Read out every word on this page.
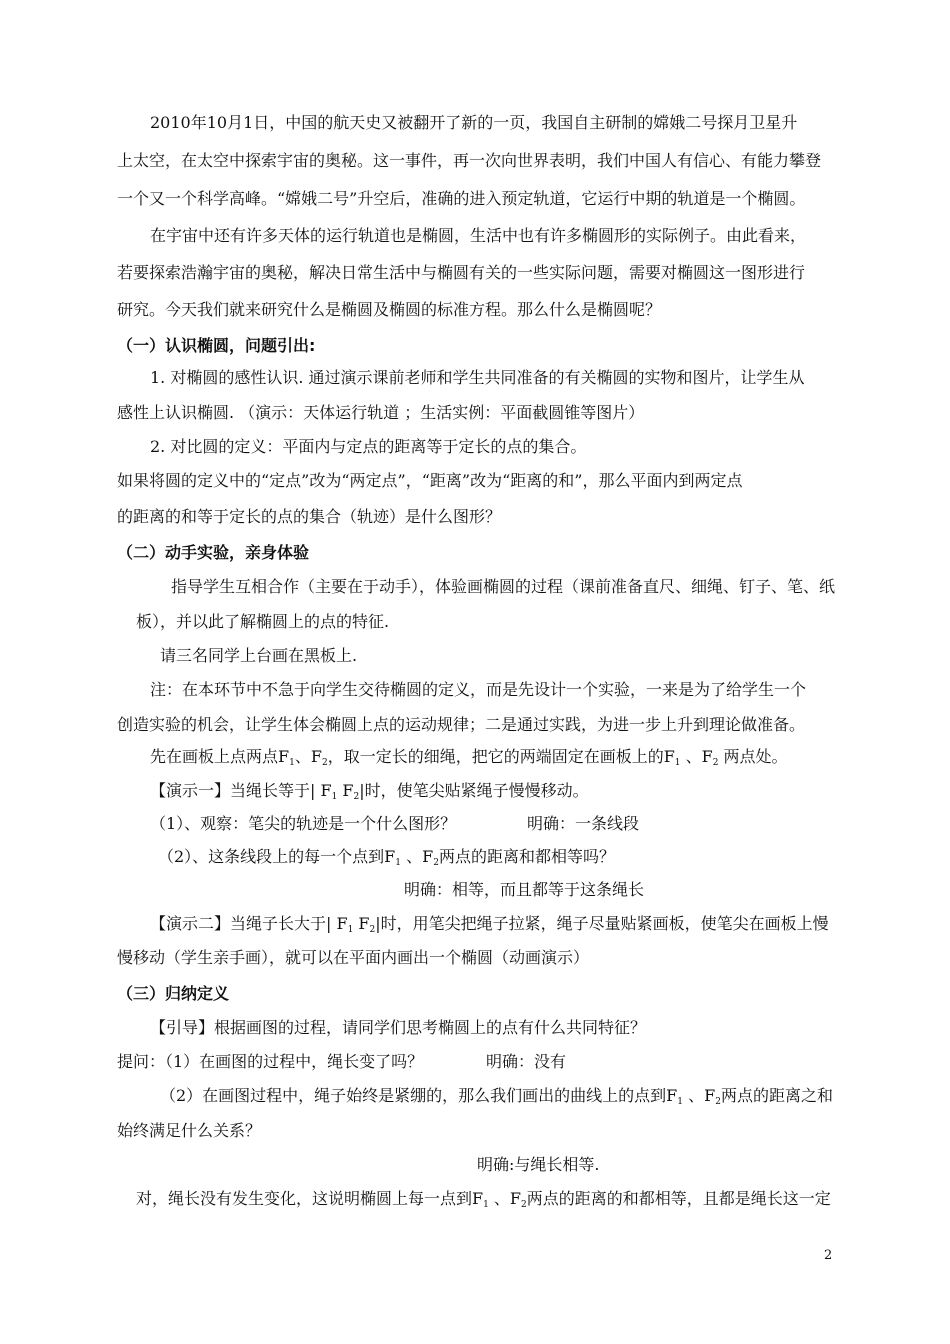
2010年10月1日，中国的航天史又被翻开了新的一页，我国自主研制的嫦娥二号探月卫星升
上太空，在太空中探索宇宙的奥秘。这一事件，再一次向世界表明，我们中国人有信心、有能力攀登
一个又一个科学高峰。“嫦娥二号”升空后，准确的进入预定轨道，它运行中期的轨道是一个椭圆。
在宇宙中还有许多天体的运行轨道也是椭圆，生活中也有许多椭圆形的实际例子。由此看来，
若要探索浩瀚宇宙的奥秘，解决日常生活中与椭圆有关的一些实际问题，需要对椭圆这一图形进行
研究。今天我们就来研究什么是椭圆及椭圆的标准方程。那么什么是椭圆呢？
（一）认识椭圆，问题引出:
1. 对椭圆的感性认识. 通过演示课前老师和学生共同准备的有关椭圆的实物和图片，让学生从
感性上认识椭圆. （演示：天体运行轨道 ；生活实例：平面截圆锥等图片）
2. 对比圆的定义：平面内与定点的距离等于定长的点的集合。
如果将圆的定义中的“定点”改为“两定点”，“距离”改为“距离的和”，那么平面内到两定点
的距离的和等于定长的点的集合（轨迹）是什么图形？
（二）动手实验，亲身体验
指导学生互相合作（主要在于动手），体验画椭圆的过程（课前准备直尺、细绳、钉子、笔、纸
板），并以此了解椭圆上的点的特征.
请三名同学上台画在黑板上.
注：在本环节中不急于向学生交待椭圆的定义，而是先设计一个实验，一来是为了给学生一个
创造实验的机会，让学生体会椭圆上点的运动规律；二是通过实践，为进一步上升到理论做准备。
先在画板上点两点$F_1$、$F_2$，取一定长的细绳，把它的两端固定在画板上的$F_1$ 、$F_2$ 两点处。
【演示一】当绳长等于| $F_1$ $F_2|$时，使笔尖贴紧绳子慢慢移动。
（1）、观察：笔尖的轨迹是一个什么图形？	明确：一条线段
（2）、这条线段上的每一个点到$F_1$ 、$F_2$两点的距离和都相等吗？
明确：相等，而且都等于这条绳长
【演示二】当绳子长大于| $F_1$ $F_2|$时，用笔尖把绳子拉紧，绳子尽量贴紧画板，使笔尖在画板上慢
慢移动（学生亲手画），就可以在平面内画出一个椭圆（动画演示）
（三）归纳定义
【引导】根据画图的过程，请同学们思考椭圆上的点有什么共同特征？
提问：（1）在画图的过程中，绳长变了吗？	明确：没有
（2）在画图过程中，绳子始终是紧绷的，那么我们画出的曲线上的点到$F_1$ 、$F_2$两点的距离之和
始终满足什么关系？
明确:与绳长相等.
对，绳长没有发生变化，这说明椭圆上每一点到$F_1$ 、$F_2$两点的距离的和都相等，且都是绳长这一定
2
